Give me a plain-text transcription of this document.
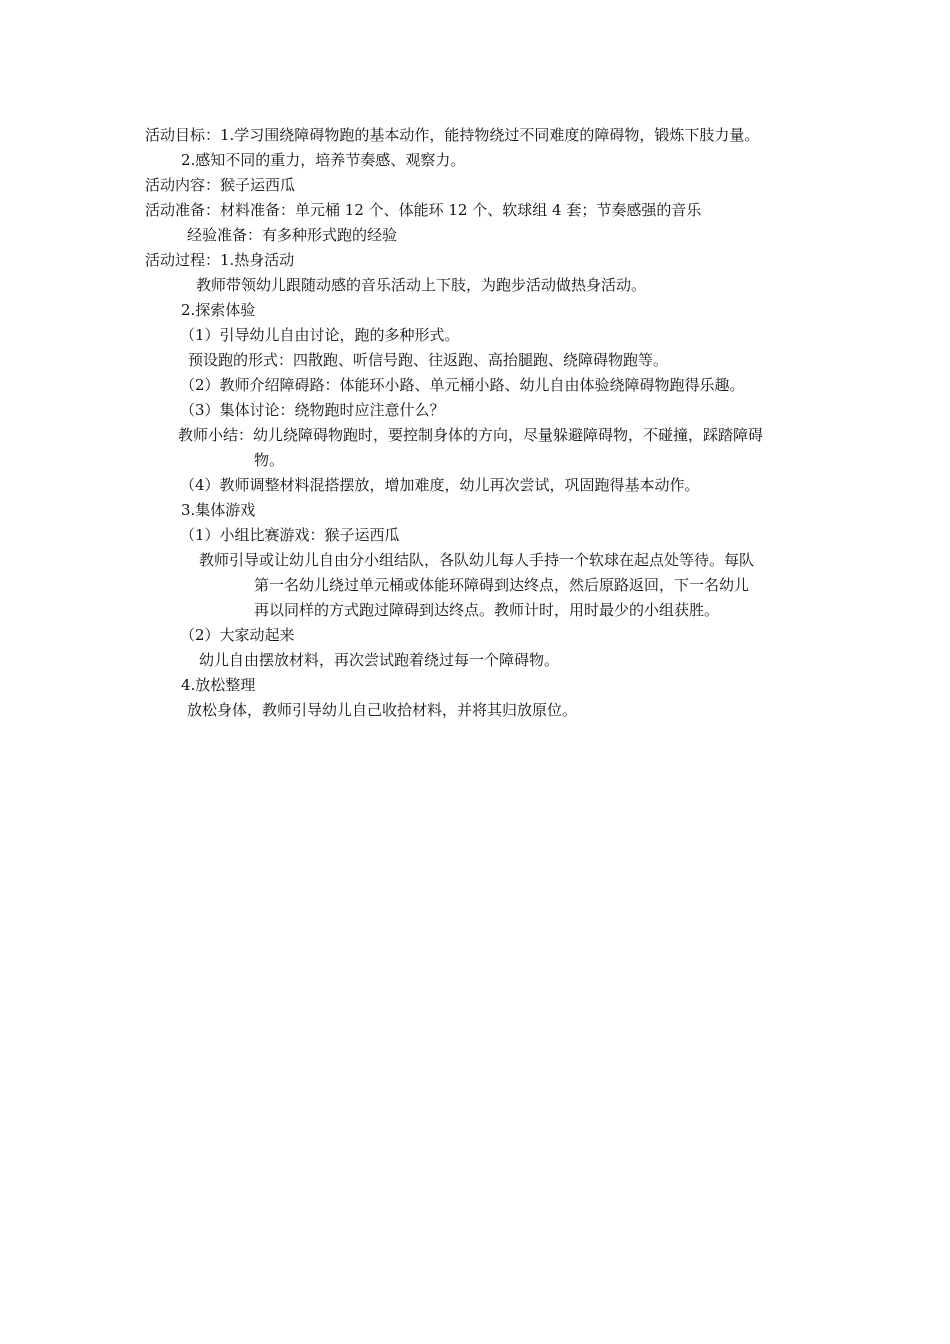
活动目标：1.学习围绕障碍物跑的基本动作，能持物绕过不同难度的障碍物，锻炼下肢力量。
2.感知不同的重力，培养节奏感、观察力。
活动内容：猴子运西瓜
活动准备：材料准备：单元桶 12 个、体能环 12 个、软球组 4 套；节奏感强的音乐
经验准备：有多种形式跑的经验
活动过程：1.热身活动
教师带领幼儿跟随动感的音乐活动上下肢，为跑步活动做热身活动。
2.探索体验
（1）引导幼儿自由讨论，跑的多种形式。
预设跑的形式：四散跑、听信号跑、往返跑、高抬腿跑、绕障碍物跑等。
（2）教师介绍障碍路：体能环小路、单元桶小路、幼儿自由体验绕障碍物跑得乐趣。
（3）集体讨论：绕物跑时应注意什么？
教师小结：幼儿绕障碍物跑时，要控制身体的方向，尽量躲避障碍物，不碰撞，踩踏障碍
物。
（4）教师调整材料混搭摆放，增加难度，幼儿再次尝试，巩固跑得基本动作。
3.集体游戏
（1）小组比赛游戏：猴子运西瓜
教师引导或让幼儿自由分小组结队，各队幼儿每人手持一个软球在起点处等待。每队
第一名幼儿绕过单元桶或体能环障碍到达终点，然后原路返回，下一名幼儿
再以同样的方式跑过障碍到达终点。教师计时，用时最少的小组获胜。
（2）大家动起来
幼儿自由摆放材料，再次尝试跑着绕过每一个障碍物。
4.放松整理
放松身体，教师引导幼儿自己收拾材料，并将其归放原位。
